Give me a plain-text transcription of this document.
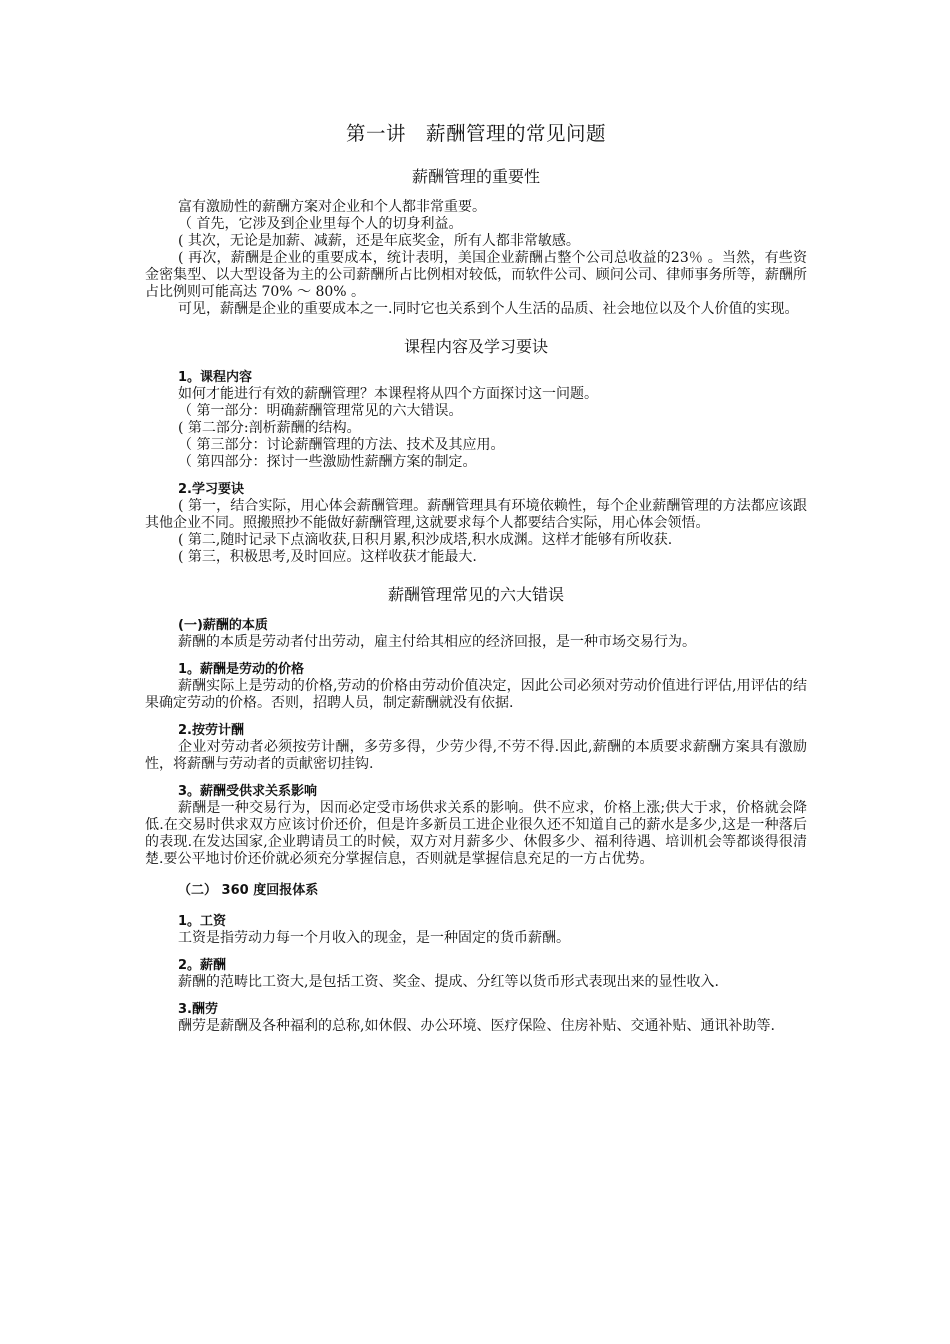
第一讲　薪酬管理的常见问题
薪酬管理的重要性

富有激励性的薪酬方案对企业和个人都非常重要。

（ 首先，它涉及到企业里每个人的切身利益。

( 其次，无论是加薪、减薪，还是年底奖金，所有人都非常敏感。

( 再次，薪酬是企业的重要成本，统计表明，美国企业薪酬占整个公司总收益的23％ 。当然，有些资金密集型、以大型设备为主的公司薪酬所占比例相对较低，而软件公司、顾问公司、律师事务所等，薪酬所占比例则可能高达 70% ～ 80% 。

可见，薪酬是企业的重要成本之一.同时它也关系到个人生活的品质、社会地位以及个人价值的实现。

课程内容及学习要诀
1。课程内容

如何才能进行有效的薪酬管理？本课程将从四个方面探讨这一问题。

（ 第一部分：明确薪酬管理常见的六大错误。

( 第二部分:剖析薪酬的结构。

（ 第三部分：讨论薪酬管理的方法、技术及其应用。

（ 第四部分：探讨一些激励性薪酬方案的制定。

2.学习要诀

( 第一，结合实际，用心体会薪酬管理。薪酬管理具有环境依赖性，每个企业薪酬管理的方法都应该跟其他企业不同。照搬照抄不能做好薪酬管理,这就要求每个人都要结合实际，用心体会领悟。

( 第二,随时记录下点滴收获,日积月累,积沙成塔,积水成渊。这样才能够有所收获.

( 第三，积极思考,及时回应。这样收获才能最大.

薪酬管理常见的六大错误
(一)薪酬的本质

薪酬的本质是劳动者付出劳动，雇主付给其相应的经济回报，是一种市场交易行为。

1。薪酬是劳动的价格

薪酬实际上是劳动的价格,劳动的价格由劳动价值决定，因此公司必须对劳动价值进行评估,用评估的结果确定劳动的价格。否则，招聘人员，制定薪酬就没有依据.

2.按劳计酬

企业对劳动者必须按劳计酬，多劳多得，少劳少得,不劳不得.因此,薪酬的本质要求薪酬方案具有激励性，将薪酬与劳动者的贡献密切挂钩.

3。薪酬受供求关系影响

薪酬是一种交易行为，因而必定受市场供求关系的影响。供不应求，价格上涨;供大于求，价格就会降低.在交易时供求双方应该讨价还价，但是许多新员工进企业很久还不知道自己的薪水是多少,这是一种落后的表现.在发达国家,企业聘请员工的时候，双方对月薪多少、休假多少、福利待遇、培训机会等都谈得很清楚.要公平地讨价还价就必须充分掌握信息，否则就是掌握信息充足的一方占优势。

（二） 360 度回报体系
1。工资

工资是指劳动力每一个月收入的现金，是一种固定的货币薪酬。

2。薪酬

薪酬的范畴比工资大,是包括工资、奖金、提成、分红等以货币形式表现出来的显性收入.

3.酬劳

酬劳是薪酬及各种福利的总称,如休假、办公环境、医疗保险、住房补贴、交通补贴、通讯补助等.
